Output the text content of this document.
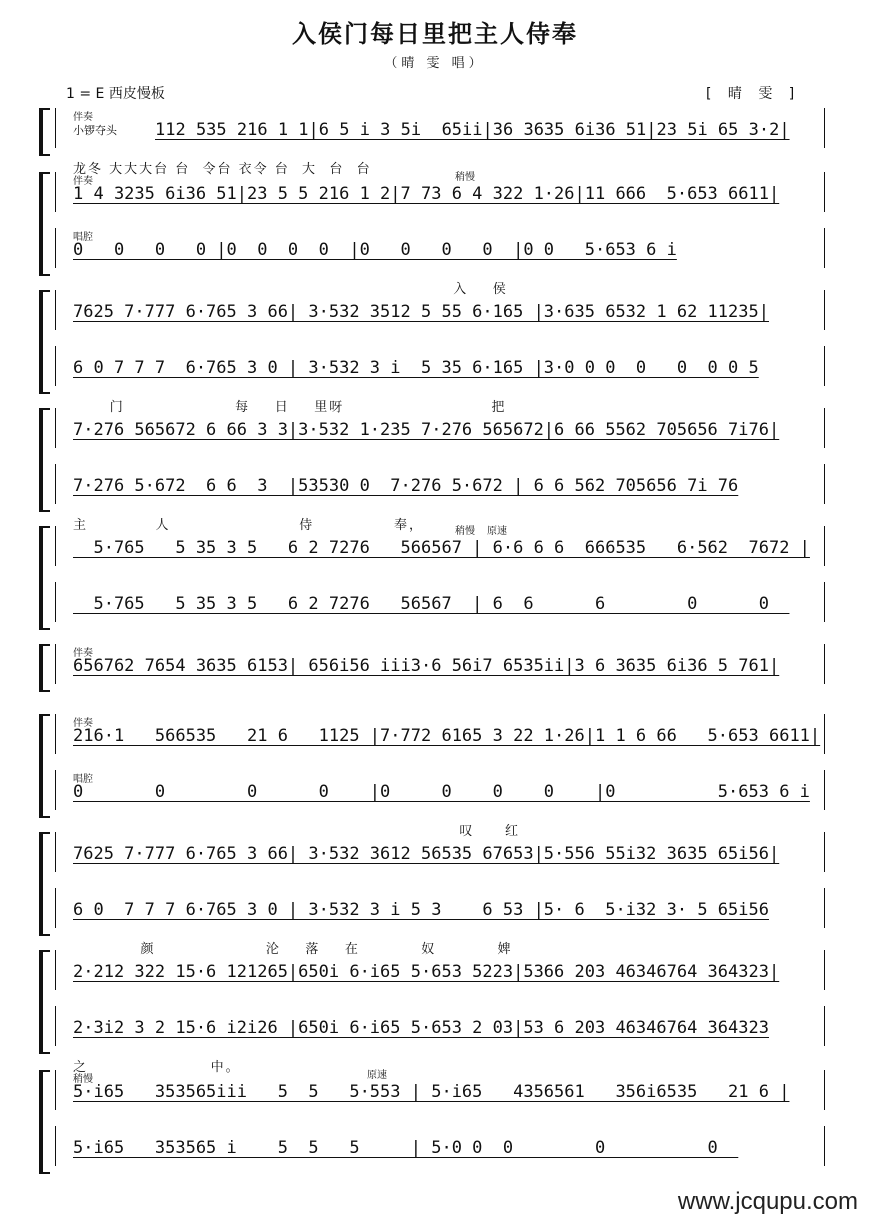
入侯门每日里把主人侍奉
（晴 雯 唱）
1 = E 西皮慢板	[ 晴 雯 ]
伴奏
小锣夺头 112 535 216 1 1|6 5 i 3 5i  65ii|36 3635 6i36 51|23 5i 65 3·2|
龙冬 大大大台 台  令台 衣令 台  大  台  台
伴奏	稍慢
1 4 3235 6i36 51|23 5 5 216 1 2|7 73 6 4 322 1·26|11 666  5·653 6611|
唱腔
0   0   0   0 |0  0  0  0  |0   0   0   0  |0 0   5·653 6 i
入    侯
7625 7·777 6·765 3 66| 3·532 3512 5 55 6·165 |3·635 6532 1 62 11235|
6 0 7 7 7  6·765 3 0 | 3·532 3 i  5 35 6·165 |3·0 0 0  0   0  0 0 5
门                  每    日    里呀                        把
7·276 565672 6 66 3 3|3·532 1·235 7·276 565672|6 66 5562 705656 7i76|
7·276 5·672  6 6  3  |53530 0  7·276 5·672 | 6 6 562 705656 7i 76
主           人                     侍             奉，	稍慢 原速
5·765   5 35 3 5   6 2 7276   566567 | 6·6 6 6  666535   6·562  7672 |
5·765   5 35 3 5   6 2 7276   56567  | 6  6      6        0      0
伴奏
656762 7654 3635 6153| 656i56 iii3·6 56i7 6535ii|3 6 3635 6i36 5 761|
伴奏
216·1   566535   21 6   1125 |7·772 6165 3 22 1·26|1 1 6 66   5·653 6611|
唱腔
0       0        0      0    |0     0    0    0    |0          5·653 6 i
叹     红
7625 7·777 6·765 3 66| 3·532 3612 56535 67653|5·556 55i32 3635 65i56|
6 0  7 7 7 6·765 3 0 | 3·532 3 i 5 3    6 53 |5· 6  5·i32 3· 5 65i56
颜                  沦    落    在          奴          婢
2·212 322 15·6 121265|650i 6·i65 5·653 5223|5366 203 46346764 364323|
2·3i2 3 2 15·6 i2i26 |650i 6·i65 5·653 2 03|53 6 203 46346764 364323
之                    中。
稍慢	原速
5·i65   353565iii   5  5   5·553 | 5·i65   4356561   356i6535   21 6 |
5·i65   353565 i    5  5   5     | 5·0 0  0        0          0
www.jcqupu.com
